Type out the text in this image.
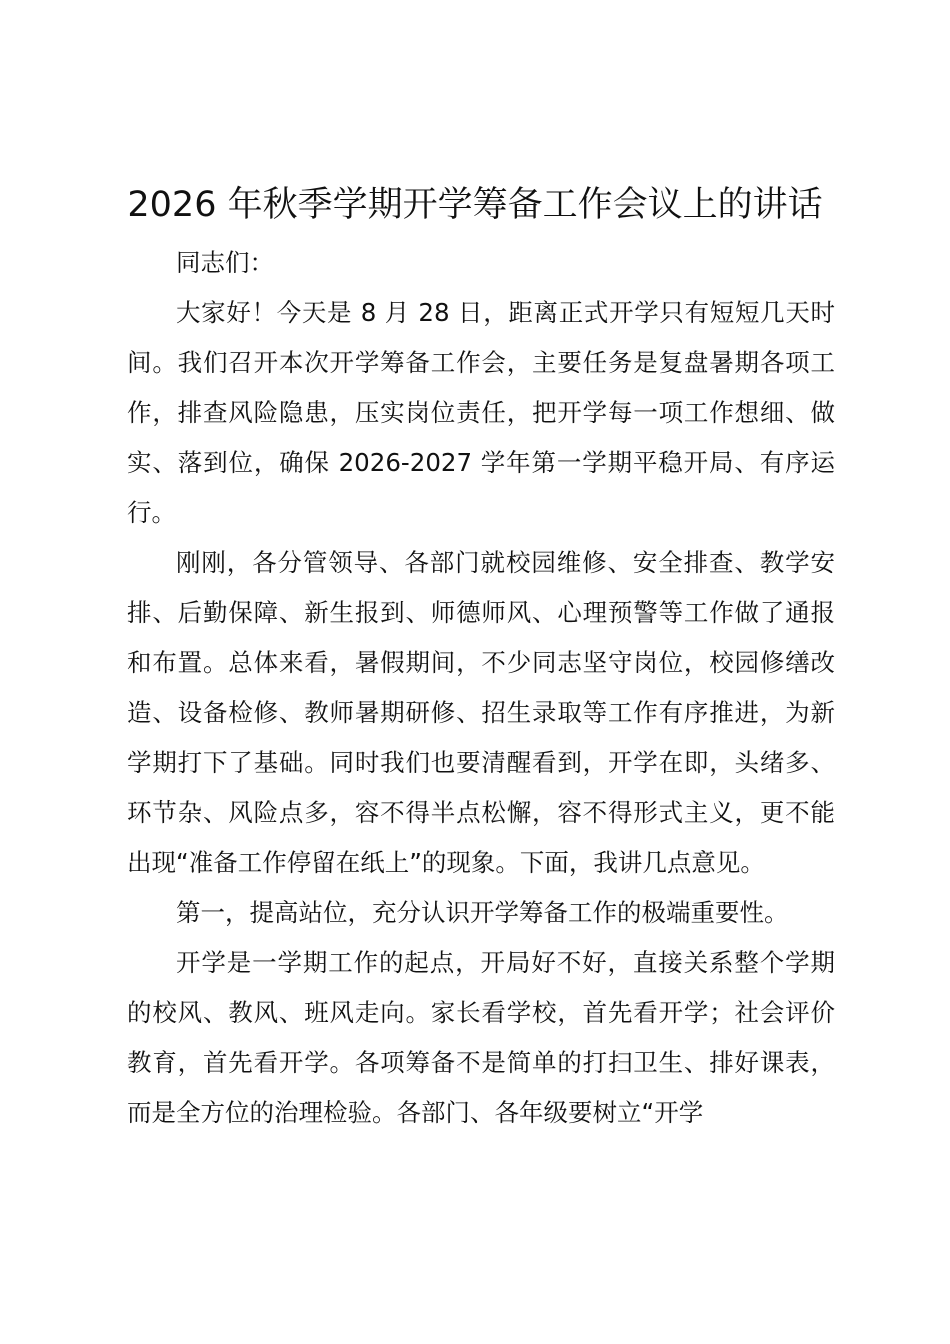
2026 年秋季学期开学筹备工作会议上的讲话

同志们：

大家好！今天是 8 月 28 日，距离正式开学只有短短几天时间。我们召开本次开学筹备工作会，主要任务是复盘暑期各项工作，排查风险隐患，压实岗位责任，把开学每一项工作想细、做实、落到位，确保 2026-2027 学年第一学期平稳开局、有序运行。

刚刚，各分管领导、各部门就校园维修、安全排查、教学安排、后勤保障、新生报到、师德师风、心理预警等工作做了通报和布置。总体来看，暑假期间，不少同志坚守岗位，校园修缮改造、设备检修、教师暑期研修、招生录取等工作有序推进，为新学期打下了基础。同时我们也要清醒看到，开学在即，头绪多、环节杂、风险点多，容不得半点松懈，容不得形式主义，更不能出现“准备工作停留在纸上”的现象。下面，我讲几点意见。

第一，提高站位，充分认识开学筹备工作的极端重要性。

开学是一学期工作的起点，开局好不好，直接关系整个学期的校风、教风、班风走向。家长看学校，首先看开学；社会评价教育，首先看开学。各项筹备不是简单的打扫卫生、排好课表，而是全方位的治理检验。各部门、各年级要树立“开学
